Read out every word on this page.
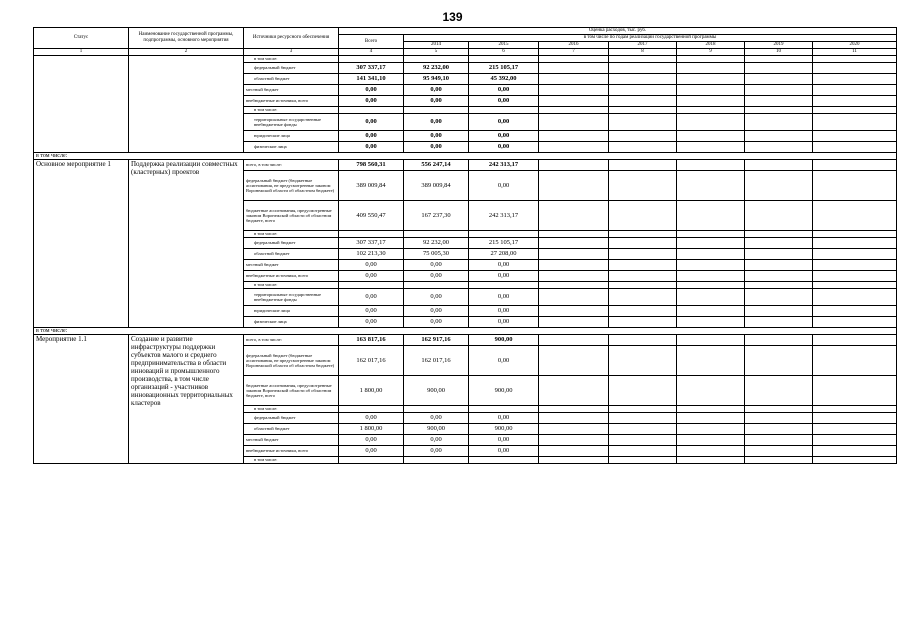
139
Статус	Наименование государственной программы, подпрограммы, основного мероприятия	Источники ресурсного обеспечения	Оценка расходов, тыс. руб.							
			Всего	в том числе по годам реализации государственной программы						
				2014	2015	2016	2017	2018	2019	2020
1	2	3	4	5	6	7	8	9	10	11
		в том числе:								
		федеральный бюджет	307 337,17	92 232,00	215 105,17					
		областной бюджет	141 341,10	95 949,10	45 392,00					
		местный бюджет	0,00	0,00	0,00					
		внебюджетные источники, всего	0,00	0,00	0,00					
		в том числе:								
		территориальные государственные внебюджетные фонды	0,00	0,00	0,00					
		юридические лица	0,00	0,00	0,00					
		физические лица	0,00	0,00	0,00					
в том числе:										
Основное мероприятие 1	Поддержка реализации совместных (кластерных) проектов	всего, в том числе:	798 560,31	556 247,14	242 313,17					
		федеральный бюджет (бюджетные ассигнования, не предусмотренные законом Воронежской области об областном бюджете)	389 009,84	389 009,84	0,00					
		бюджетные ассигнования, предусмотренные законом Воронежской области об областном бюджете, всего	409 550,47	167 237,30	242 313,17					
		в том числе:								
		федеральный бюджет	307 337,17	92 232,00	215 105,17					
		областной бюджет	102 213,30	75 005,30	27 208,00					
		местный бюджет	0,00	0,00	0,00					
		внебюджетные источники, всего	0,00	0,00	0,00					
		в том числе:								
		территориальные государственные внебюджетные фонды	0,00	0,00	0,00					
		юридические лица	0,00	0,00	0,00					
		физические лица	0,00	0,00	0,00					
в том числе:										
Мероприятие 1.1	Создание и развитие инфраструктуры поддержки субъектов малого и среднего предпринимательства в области инноваций и промышленного производства, в том числе организаций - участников инновационных территориальных кластеров	всего, в том числе:	163 817,16	162 917,16	900,00					
		федеральный бюджет (бюджетные ассигнования, не предусмотренные законом Воронежской области об областном бюджете)	162 017,16	162 017,16	0,00					
		бюджетные ассигнования, предусмотренные законом Воронежской области об областном бюджете, всего	1 800,00	900,00	900,00					
		в том числе:								
		федеральный бюджет	0,00	0,00	0,00					
		областной бюджет	1 800,00	900,00	900,00					
		местный бюджет	0,00	0,00	0,00					
		внебюджетные источники, всего	0,00	0,00	0,00					
		в том числе:								
